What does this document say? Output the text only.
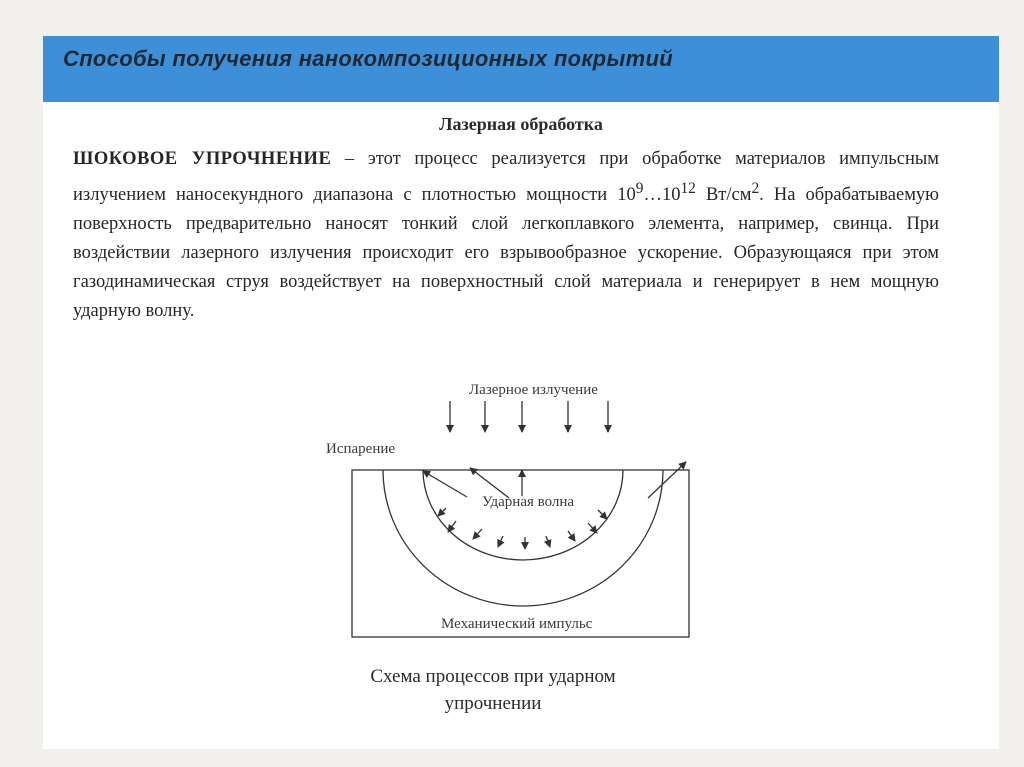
Способы получения нанокомпозиционных покрытий
Лазерная обработка
ШОКОВОЕ УПРОЧНЕНИЕ – этот процесс реализуется при обработке материалов импульсным излучением наносекундного диапазона с плотностью мощности $10^9\dots 10^{12}$ $Вт/см^2$. На обрабатываемую поверхность предварительно наносят тонкий слой легкоплавкого элемента, например, свинца. При воздействии лазерного излучения происходит его взрывообразное ускорение. Образующаяся при этом газодинамическая струя воздействует на поверхностный слой материала и генерирует в нем мощную ударную волну.
Лазерное излучение
Испарение
Ударная волна
Механический импульс
Схема процессов при ударном
упрочнении
